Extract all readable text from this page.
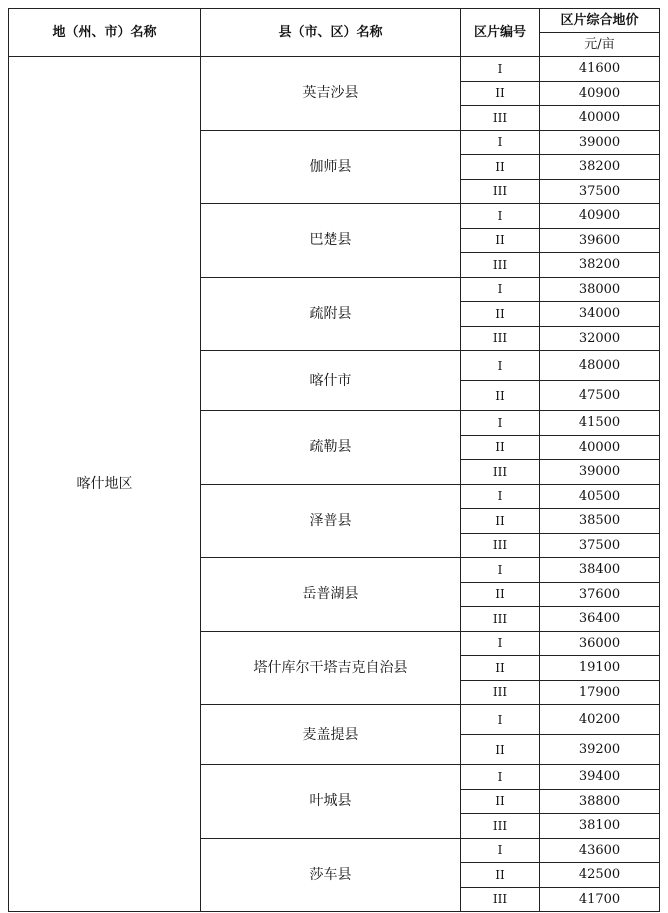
地（州、市）名称	县（市、区）名称	区片编号	区片综合地价
			元/亩
喀什地区	英吉沙县	I	41600
		II	40900
		III	40000
	伽师县	I	39000
		II	38200
		III	37500
	巴楚县	I	40900
		II	39600
		III	38200
	疏附县	I	38000
		II	34000
		III	32000
	喀什市	I	48000
		II	47500
	疏勒县	I	41500
		II	40000
		III	39000
	泽普县	I	40500
		II	38500
		III	37500
	岳普湖县	I	38400
		II	37600
		III	36400
	塔什库尔干塔吉克自治县	I	36000
		II	19100
		III	17900
	麦盖提县	I	40200
		II	39200
	叶城县	I	39400
		II	38800
		III	38100
	莎车县	I	43600
		II	42500
		III	41700
